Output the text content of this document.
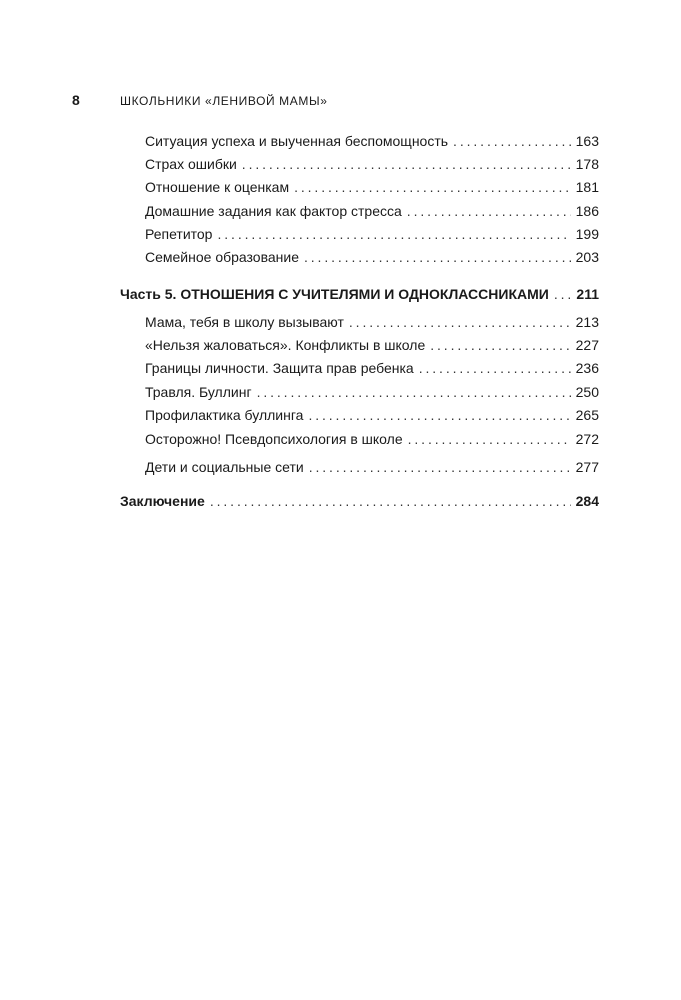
8	ШКОЛЬНИКИ «ЛЕНИВОЙ МАМЫ»
Ситуация успеха и выученная беспомощность . . .	163
Страх ошибки . . .	178
Отношение к оценкам . . .	181
Домашние задания как фактор стресса . . .	186
Репетитор . . .	199
Семейное образование . . .	203
Часть 5. ОТНОШЕНИЯ С УЧИТЕЛЯМИ И ОДНОКЛАССНИКАМИ . . . 211
Мама, тебя в школу вызывают . . .	213
«Нельзя жаловаться». Конфликты в школе . . .	227
Границы личности. Защита прав ребенка . . .	236
Травля. Буллинг . . .	250
Профилактика буллинга . . .	265
Осторожно! Псевдопсихология в школе . . .	272
Дети и социальные сети . . .	277
Заключение . . .	284
